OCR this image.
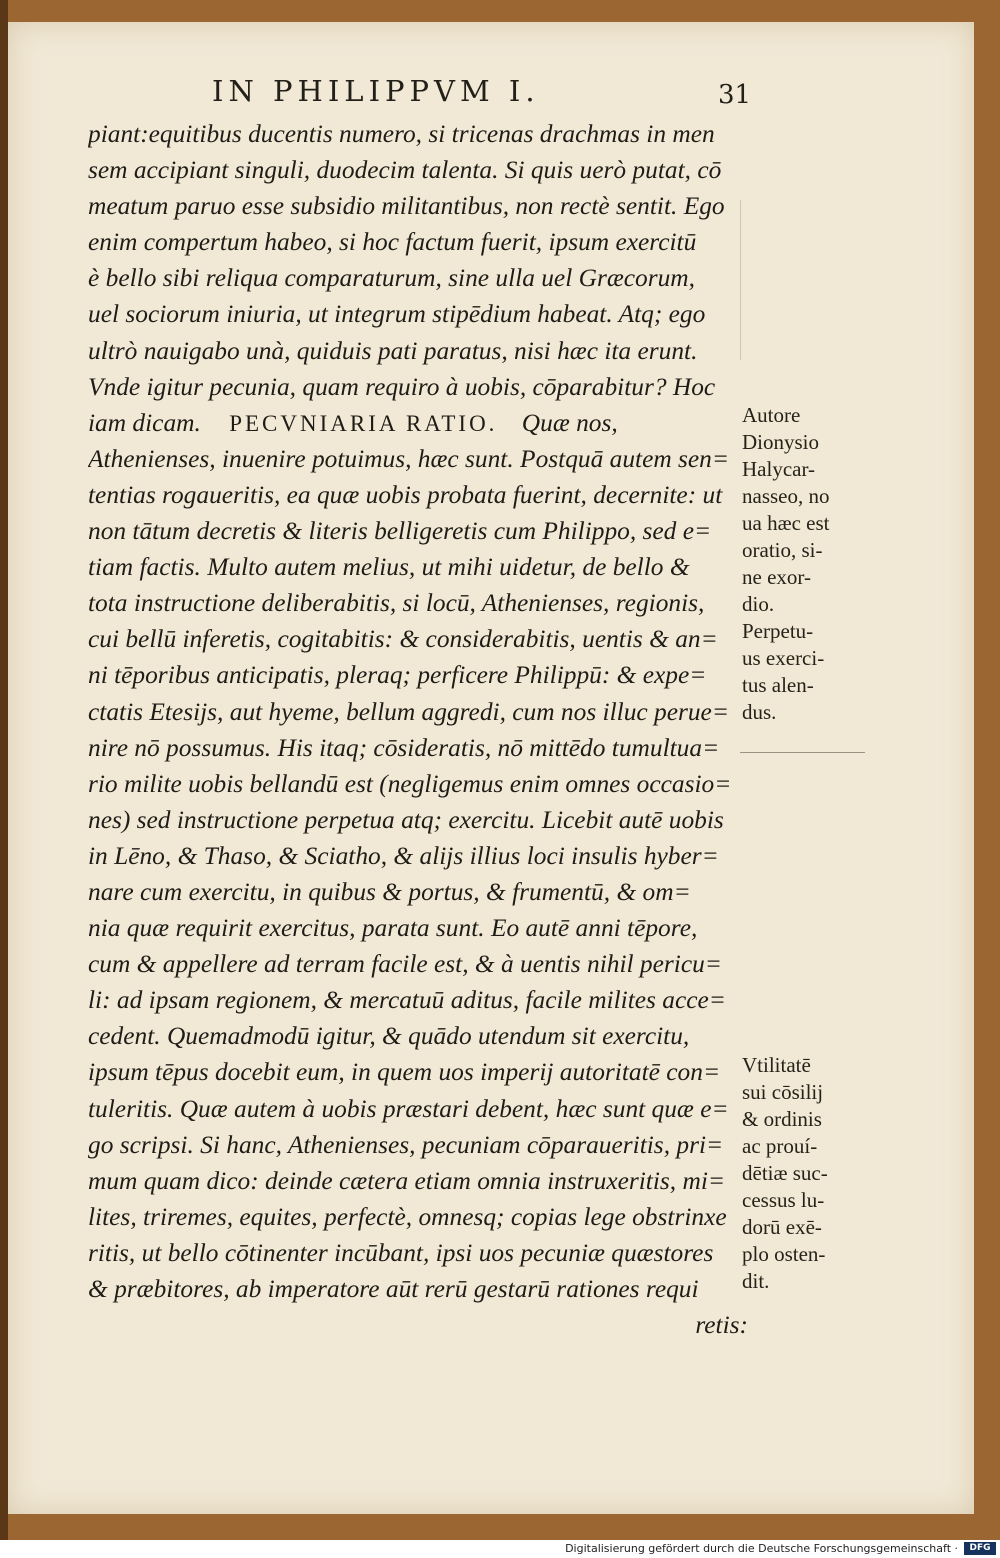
IN PHILIPPVM I.	31
piant:equitibus ducentis numero, si tricenas drachmas in men
sem accipiant singuli, duodecim talenta. Si quis uerò putat, cō
meatum paruo esse subsidio militantibus, non rectè sentit. Ego
enim compertum habeo, si hoc factum fuerit, ipsum exercitū
è bello sibi reliqua comparaturum, sine ulla uel Græcorum,
uel sociorum iniuria, ut integrum stipēdium habeat. Atq; ego
ultrò nauigabo unà, quiduis pati paratus, nisi hæc ita erunt.
Vnde igitur pecunia, quam requiro à uobis, cōparabitur? Hoc
iam dicam. PECVNIARIA RATIO. Quæ nos,
Athenienses, inuenire potuimus, hæc sunt. Postquā autem sen=
tentias rogaueritis, ea quæ uobis probata fuerint, decernite: ut
non tātum decretis & literis belligeretis cum Philippo, sed e=
tiam factis. Multo autem melius, ut mihi uidetur, de bello &
tota instructione deliberabitis, si locū, Athenienses, regionis,
cui bellū inferetis, cogitabitis: & considerabitis, uentis & an=
ni tēporibus anticipatis, pleraq; perficere Philippū: & expe=
ctatis Etesijs, aut hyeme, bellum aggredi, cum nos illuc perue=
nire nō possumus. His itaq; cōsideratis, nō mittēdo tumultua=
rio milite uobis bellandū est (negligemus enim omnes occasio=
nes) sed instructione perpetua atq; exercitu. Licebit autē uobis
in Lēno, & Thaso, & Sciatho, & alijs illius loci insulis hyber=
nare cum exercitu, in quibus & portus, & frumentū, & om=
nia quæ requirit exercitus, parata sunt. Eo autē anni tēpore,
cum & appellere ad terram facile est, & à uentis nihil pericu=
li: ad ipsam regionem, & mercatuū aditus, facile milites acce=
cedent. Quemadmodū igitur, & quādo utendum sit exercitu,
ipsum tēpus docebit eum, in quem uos imperij autoritatē con=
tuleritis. Quæ autem à uobis præstari debent, hæc sunt quæ e=
go scripsi. Si hanc, Athenienses, pecuniam cōparaueritis, pri=
mum quam dico: deinde cætera etiam omnia instruxeritis, mi=
lites, triremes, equites, perfectè, omnesq; copias lege obstrinxe
ritis, ut bello cōtinenter incūbant, ipsi uos pecuniæ quæstores
& præbitores, ab imperatore aūt rerū gestarū rationes requi
retis:
Autore
Dionysio
Halycar-
nasseo, no
ua hæc est
oratio, si-
ne exor-
dio.
Perpetu-
us exerci-
tus alen-
dus.
Vtilitatē
sui cōsilij
& ordinis
ac prouí-
dētiæ suc-
cessus lu-
dorū exē-
plo osten-
dit.
Digitalisierung gefördert durch die Deutsche Forschungsgemeinschaft ·	DFG
